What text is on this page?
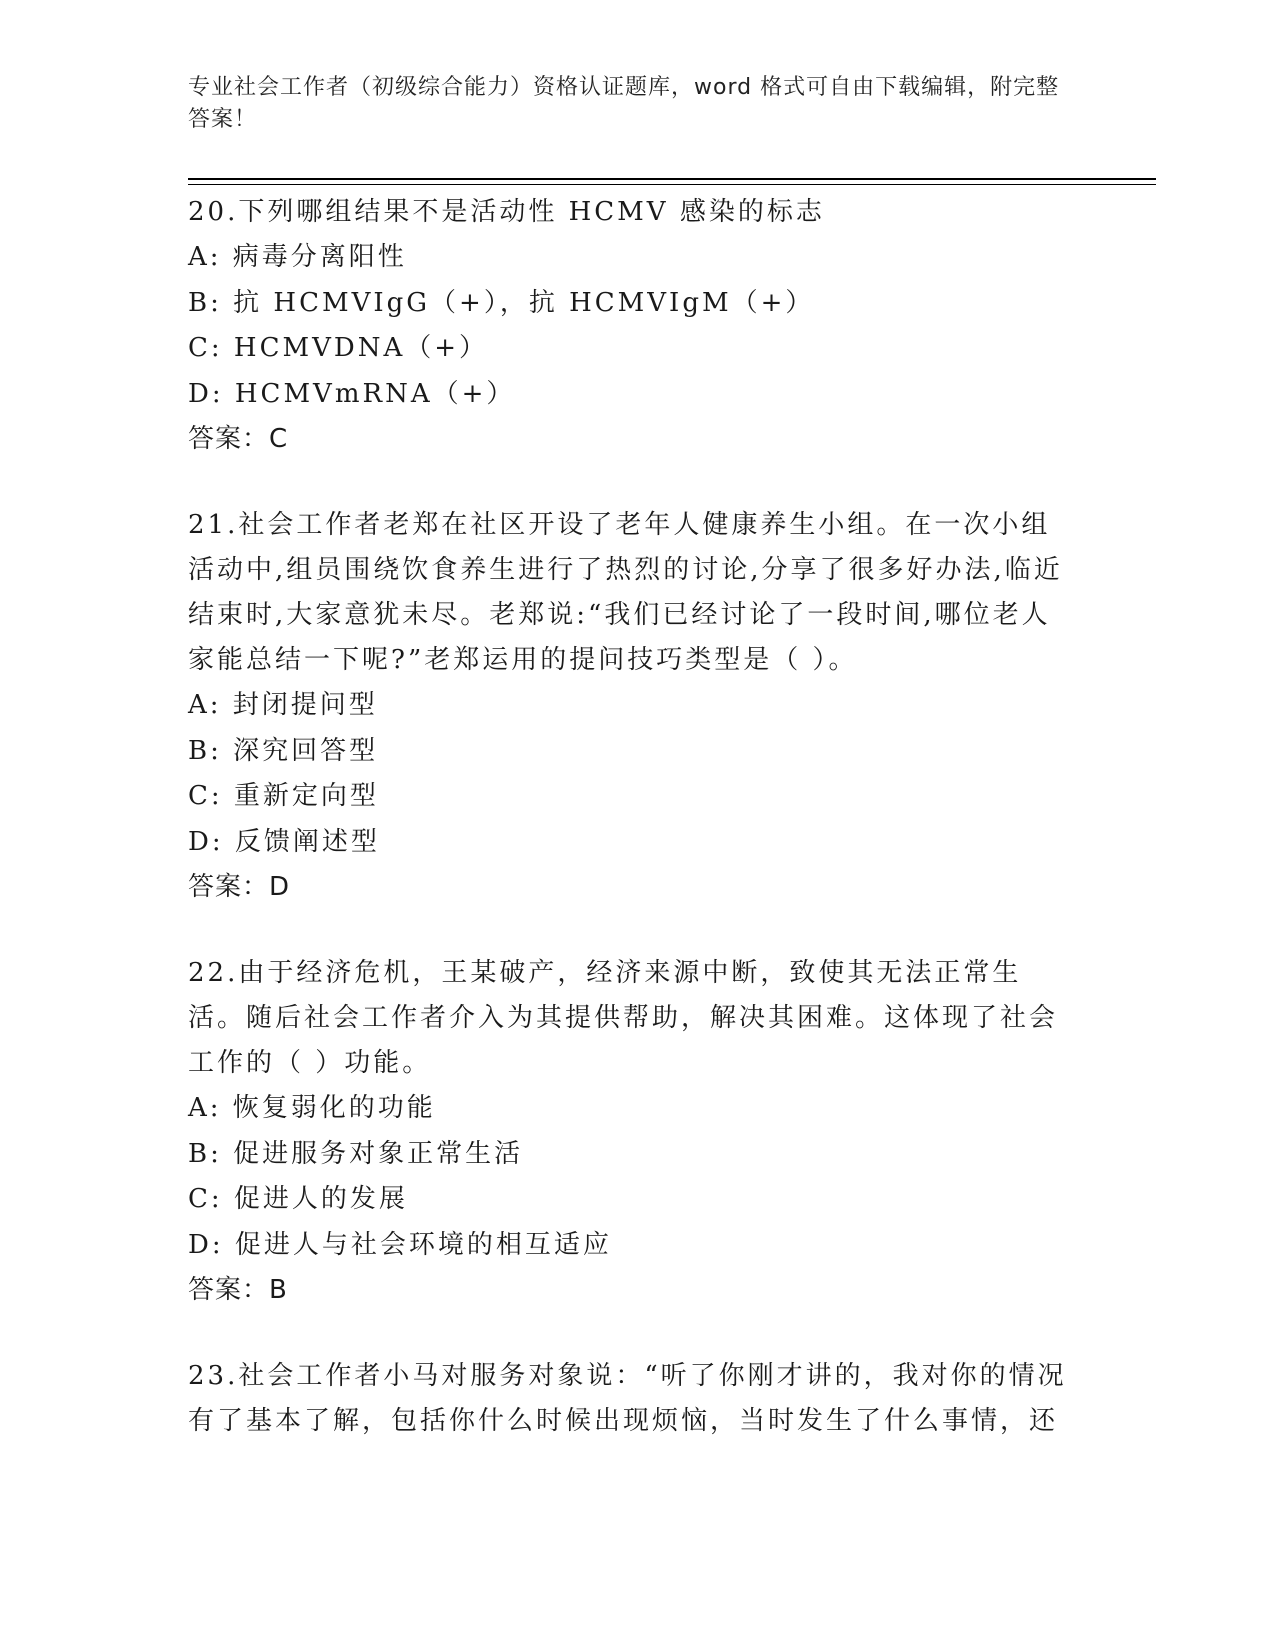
专业社会工作者（初级综合能力）资格认证题库，word 格式可自由下载编辑，附完整答案！

20.下列哪组结果不是活动性 HCMV 感染的标志

A: 病毒分离阳性

B: 抗 HCMVIgG（+），抗 HCMVIgM（+）

C: HCMVDNA（+）

D: HCMVmRNA（+）

答案：C

21.社会工作者老郑在社区开设了老年人健康养生小组。在一次小组活动中,组员围绕饮食养生进行了热烈的讨论,分享了很多好办法,临近结束时,大家意犹未尽。老郑说:“我们已经讨论了一段时间,哪位老人家能总结一下呢?”老郑运用的提问技巧类型是（ ）。

A: 封闭提问型

B: 深究回答型

C: 重新定向型

D: 反馈阐述型

答案：D

22.由于经济危机，王某破产，经济来源中断，致使其无法正常生活。随后社会工作者介入为其提供帮助，解决其困难。这体现了社会工作的（ ）功能。

A: 恢复弱化的功能

B: 促进服务对象正常生活

C: 促进人的发展

D: 促进人与社会环境的相互适应

答案：B

23.社会工作者小马对服务对象说：“听了你刚才讲的，我对你的情况有了基本了解，包括你什么时候出现烦恼，当时发生了什么事情，还
